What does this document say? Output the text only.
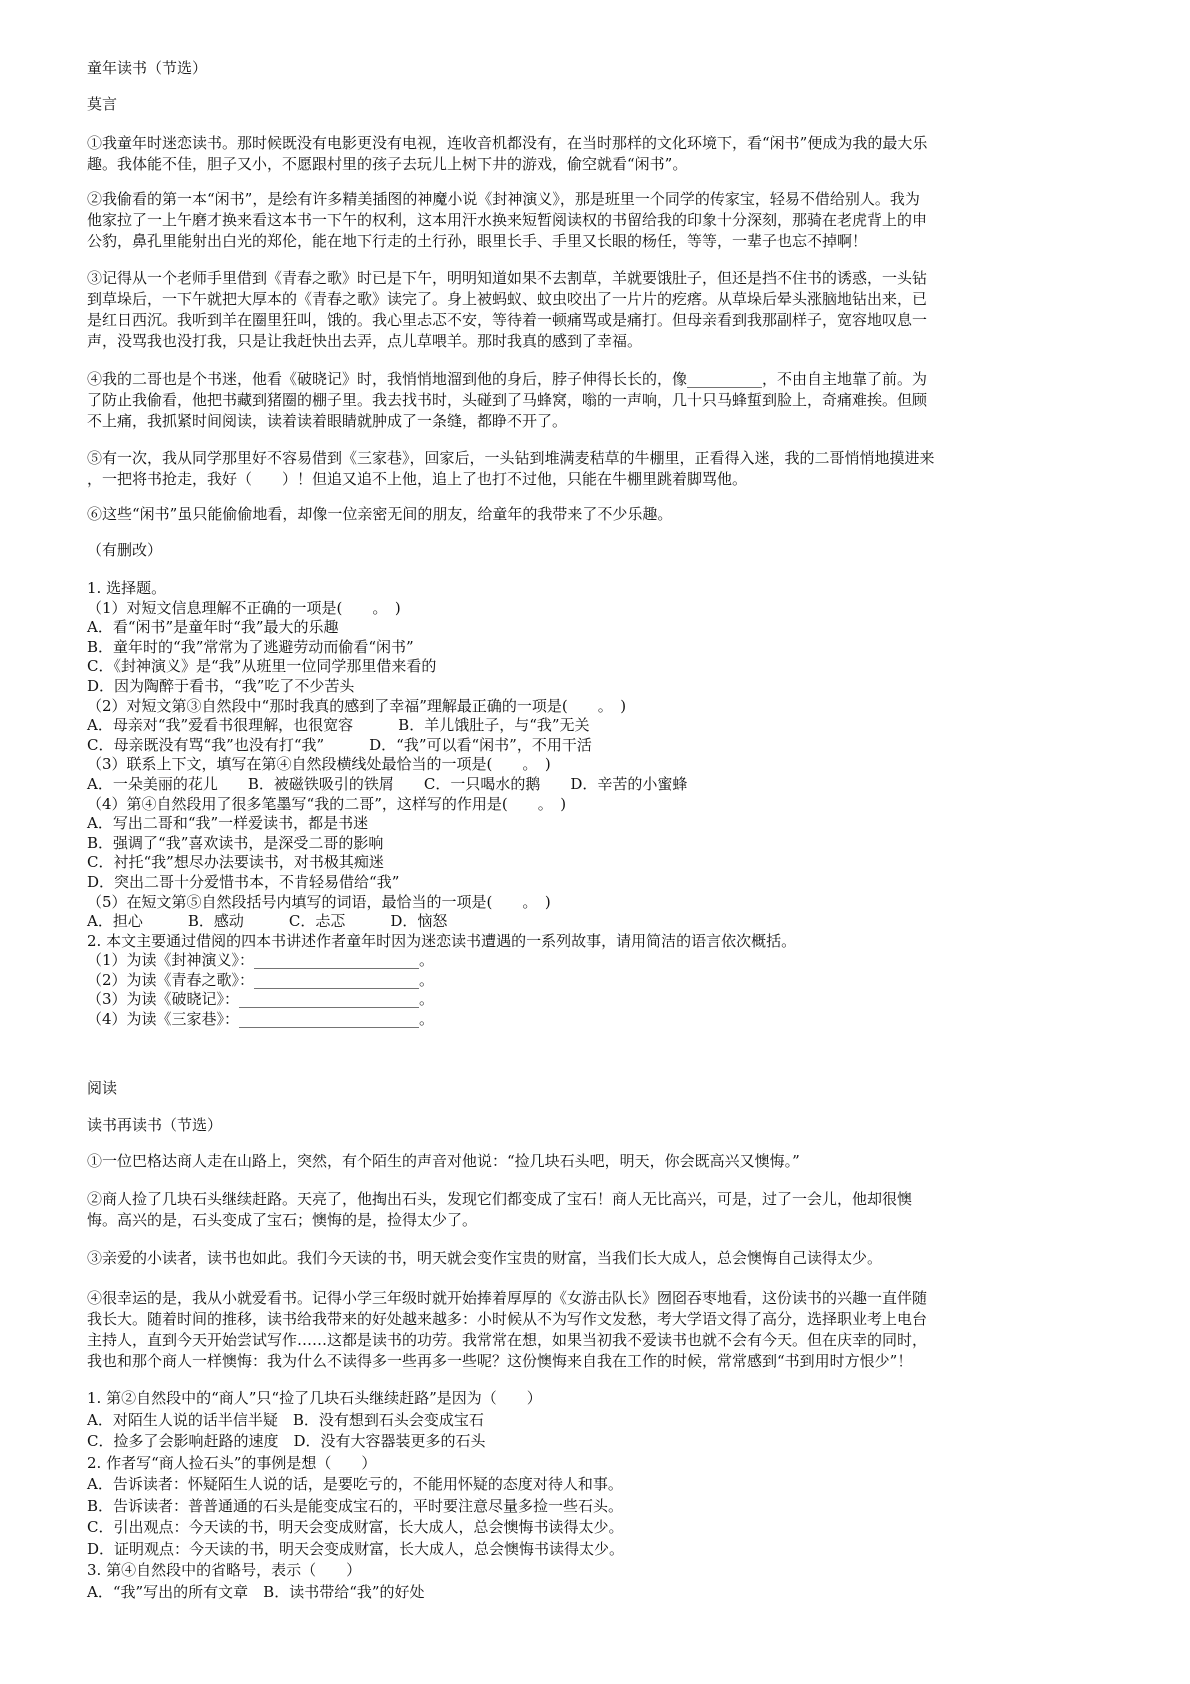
童年读书（节选）
莫言
①我童年时迷恋读书。那时候既没有电影更没有电视，连收音机都没有，在当时那样的文化环境下，看“闲书”便成为我的最大乐
趣。我体能不佳，胆子又小，不愿跟村里的孩子去玩儿上树下井的游戏，偷空就看“闲书”。
②我偷看的第一本“闲书”，是绘有许多精美插图的神魔小说《封神演义》，那是班里一个同学的传家宝，轻易不借给别人。我为
他家拉了一上午磨才换来看这本书一下午的权利，这本用汗水换来短暂阅读权的书留给我的印象十分深刻，那骑在老虎背上的申
公豹，鼻孔里能射出白光的郑伦，能在地下行走的土行孙，眼里长手、手里又长眼的杨任，等等，一辈子也忘不掉啊！
③记得从一个老师手里借到《青春之歌》时已是下午，明明知道如果不去割草，羊就要饿肚子，但还是挡不住书的诱惑，一头钻
到草垛后，一下午就把大厚本的《青春之歌》读完了。身上被蚂蚁、蚊虫咬出了一片片的疙瘩。从草垛后晕头涨脑地钻出来，已
是红日西沉。我听到羊在圈里狂叫，饿的。我心里忐忑不安，等待着一顿痛骂或是痛打。但母亲看到我那副样子，宽容地叹息一
声，没骂我也没打我，只是让我赶快出去弄，点儿草喂羊。那时我真的感到了幸福。
④我的二哥也是个书迷，他看《破晓记》时，我悄悄地溜到他的身后，脖子伸得长长的，像__________，不由自主地靠了前。为
了防止我偷看，他把书藏到猪圈的棚子里。我去找书时，头碰到了马蜂窝，嗡的一声响，几十只马蜂蜇到脸上，奇痛难挨。但顾
不上痛，我抓紧时间阅读，读着读着眼睛就肿成了一条缝，都睁不开了。
⑤有一次，我从同学那里好不容易借到《三家巷》，回家后，一头钻到堆满麦秸草的牛棚里，正看得入迷，我的二哥悄悄地摸进来
，一把将书抢走，我好（　　）！但追又追不上他，追上了也打不过他，只能在牛棚里跳着脚骂他。
⑥这些“闲书”虽只能偷偷地看，却像一位亲密无间的朋友，给童年的我带来了不少乐趣。
（有删改）
1. 选择题。
（1）对短文信息理解不正确的一项是(　　。　)
A．看“闲书”是童年时“我”最大的乐趣
B．童年时的“我”常常为了逃避劳动而偷看“闲书”
C．《封神演义》是“我”从班里一位同学那里借来看的
D．因为陶醉于看书，“我”吃了不少苦头
（2）对短文第③自然段中“那时我真的感到了幸福”理解最正确的一项是(　　。　)
A．母亲对“我”爱看书很理解，也很宽容　　　B．羊儿饿肚子，与“我”无关
C．母亲既没有骂“我”也没有打“我”　　　D．“我”可以看“闲书”，不用干活
（3）联系上下文，填写在第④自然段横线处最恰当的一项是(　　。　)
A．一朵美丽的花儿　　B．被磁铁吸引的铁屑　　C．一只喝水的鹅　　D．辛苦的小蜜蜂
（4）第④自然段用了很多笔墨写“我的二哥”，这样写的作用是(　　。　)
A．写出二哥和“我”一样爱读书，都是书迷
B．强调了“我”喜欢读书，是深受二哥的影响
C．衬托“我”想尽办法要读书，对书极其痴迷
D．突出二哥十分爱惜书本，不肯轻易借给“我”
（5）在短文第⑤自然段括号内填写的词语，最恰当的一项是(　　。　)
A．担心　　　B．感动　　　C．忐忑　　　D．恼怒
2. 本文主要通过借阅的四本书讲述作者童年时因为迷恋读书遭遇的一系列故事，请用简洁的语言依次概括。
（1）为读《封神演义》：______________________。
（2）为读《青春之歌》：______________________。
（3）为读《破晓记》：________________________。
（4）为读《三家巷》：________________________。
阅读
读书再读书（节选）
①一位巴格达商人走在山路上，突然，有个陌生的声音对他说：“捡几块石头吧，明天，你会既高兴又懊悔。”
②商人捡了几块石头继续赶路。天亮了，他掏出石头，发现它们都变成了宝石！商人无比高兴，可是，过了一会儿，他却很懊
悔。高兴的是，石头变成了宝石；懊悔的是，捡得太少了。
③亲爱的小读者，读书也如此。我们今天读的书，明天就会变作宝贵的财富，当我们长大成人，总会懊悔自己读得太少。
④很幸运的是，我从小就爱看书。记得小学三年级时就开始捧着厚厚的《女游击队长》囫囵吞枣地看，这份读书的兴趣一直伴随
我长大。随着时间的推移，读书给我带来的好处越来越多：小时候从不为写作文发愁，考大学语文得了高分，选择职业考上电台
主持人，直到今天开始尝试写作……这都是读书的功劳。我常常在想，如果当初我不爱读书也就不会有今天。但在庆幸的同时，
我也和那个商人一样懊悔：我为什么不读得多一些再多一些呢？这份懊悔来自我在工作的时候，常常感到“书到用时方恨少”！
1. 第②自然段中的“商人”只“捡了几块石头继续赶路”是因为（　　）
A．对陌生人说的话半信半疑　B．没有想到石头会变成宝石
C．捡多了会影响赶路的速度　D．没有大容器装更多的石头
2. 作者写“商人捡石头”的事例是想（　　）
A．告诉读者：怀疑陌生人说的话，是要吃亏的，不能用怀疑的态度对待人和事。
B．告诉读者：普普通通的石头是能变成宝石的，平时要注意尽量多捡一些石头。
C．引出观点：今天读的书，明天会变成财富，长大成人，总会懊悔书读得太少。
D．证明观点：今天读的书，明天会变成财富，长大成人，总会懊悔书读得太少。
3. 第④自然段中的省略号，表示（　　）
A．“我”写出的所有文章　B．读书带给“我”的好处
